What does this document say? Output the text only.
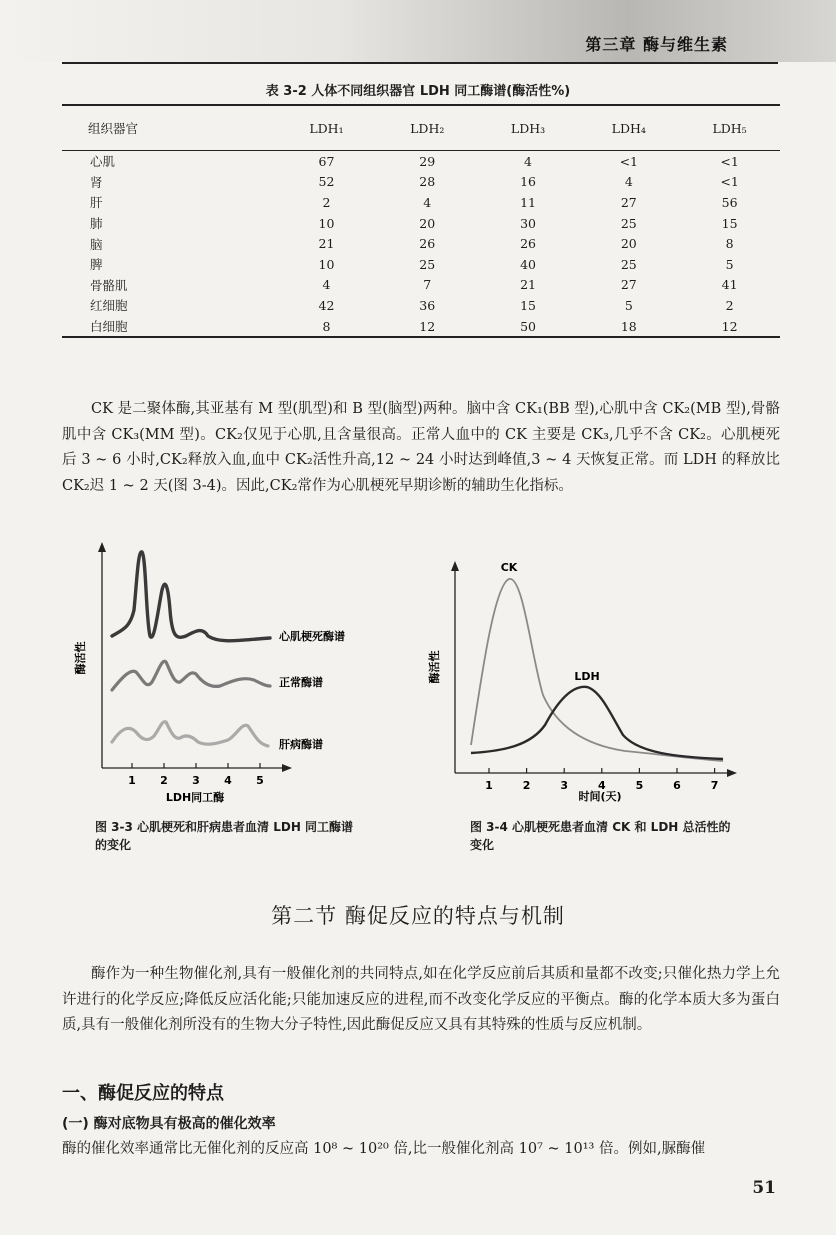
第三章 酶与维生素
表 3-2 人体不同组织器官 LDH 同工酶谱(酶活性%)
组织器官	LDH₁	LDH₂	LDH₃	LDH₄	LDH₅
心肌	67	29	4	<1	<1
肾	52	28	16	4	<1
肝	2	4	11	27	56
肺	10	20	30	25	15
脑	21	26	26	20	8
脾	10	25	40	25	5
骨骼肌	4	7	21	27	41
红细胞	42	36	15	5	2
白细胞	8	12	50	18	12

CK 是二聚体酶,其亚基有 M 型(肌型)和 B 型(脑型)两种。脑中含 CK₁(BB 型),心肌中含 CK₂(MB 型),骨骼肌中含 CK₃(MM 型)。CK₂仅见于心肌,且含量很高。正常人血中的 CK 主要是 CK₃,几乎不含 CK₂。心肌梗死后 3 ~ 6 小时,CK₂释放入血,血中 CK₂活性升高,12 ~ 24 小时达到峰值,3 ~ 4 天恢复正常。而 LDH 的释放比 CK₂迟 1 ~ 2 天(图 3-4)。因此,CK₂常作为心肌梗死早期诊断的辅助生化指标。

酶活性
心肌梗死酶谱
正常酶谱
肝病酶谱
1 2 3 4 5
LDH同工酶
酶活性
CK
LDH
1	2	3	4	5	6	7
时间(天)
图 3-3 心肌梗死和肝病患者血清 LDH 同工酶谱的变化
图 3-4 心肌梗死患者血清 CK 和 LDH 总活性的变化
第二节 酶促反应的特点与机制

酶作为一种生物催化剂,具有一般催化剂的共同特点,如在化学反应前后其质和量都不改变;只催化热力学上允许进行的化学反应;降低反应活化能;只能加速反应的进程,而不改变化学反应的平衡点。酶的化学本质大多为蛋白质,具有一般催化剂所没有的生物大分子特性,因此酶促反应又具有其特殊的性质与反应机制。

一、酶促反应的特点
(一) 酶对底物具有极高的催化效率

酶的催化效率通常比无催化剂的反应高 10⁸ ~ 10²⁰ 倍,比一般催化剂高 10⁷ ~ 10¹³ 倍。例如,脲酶催

51
